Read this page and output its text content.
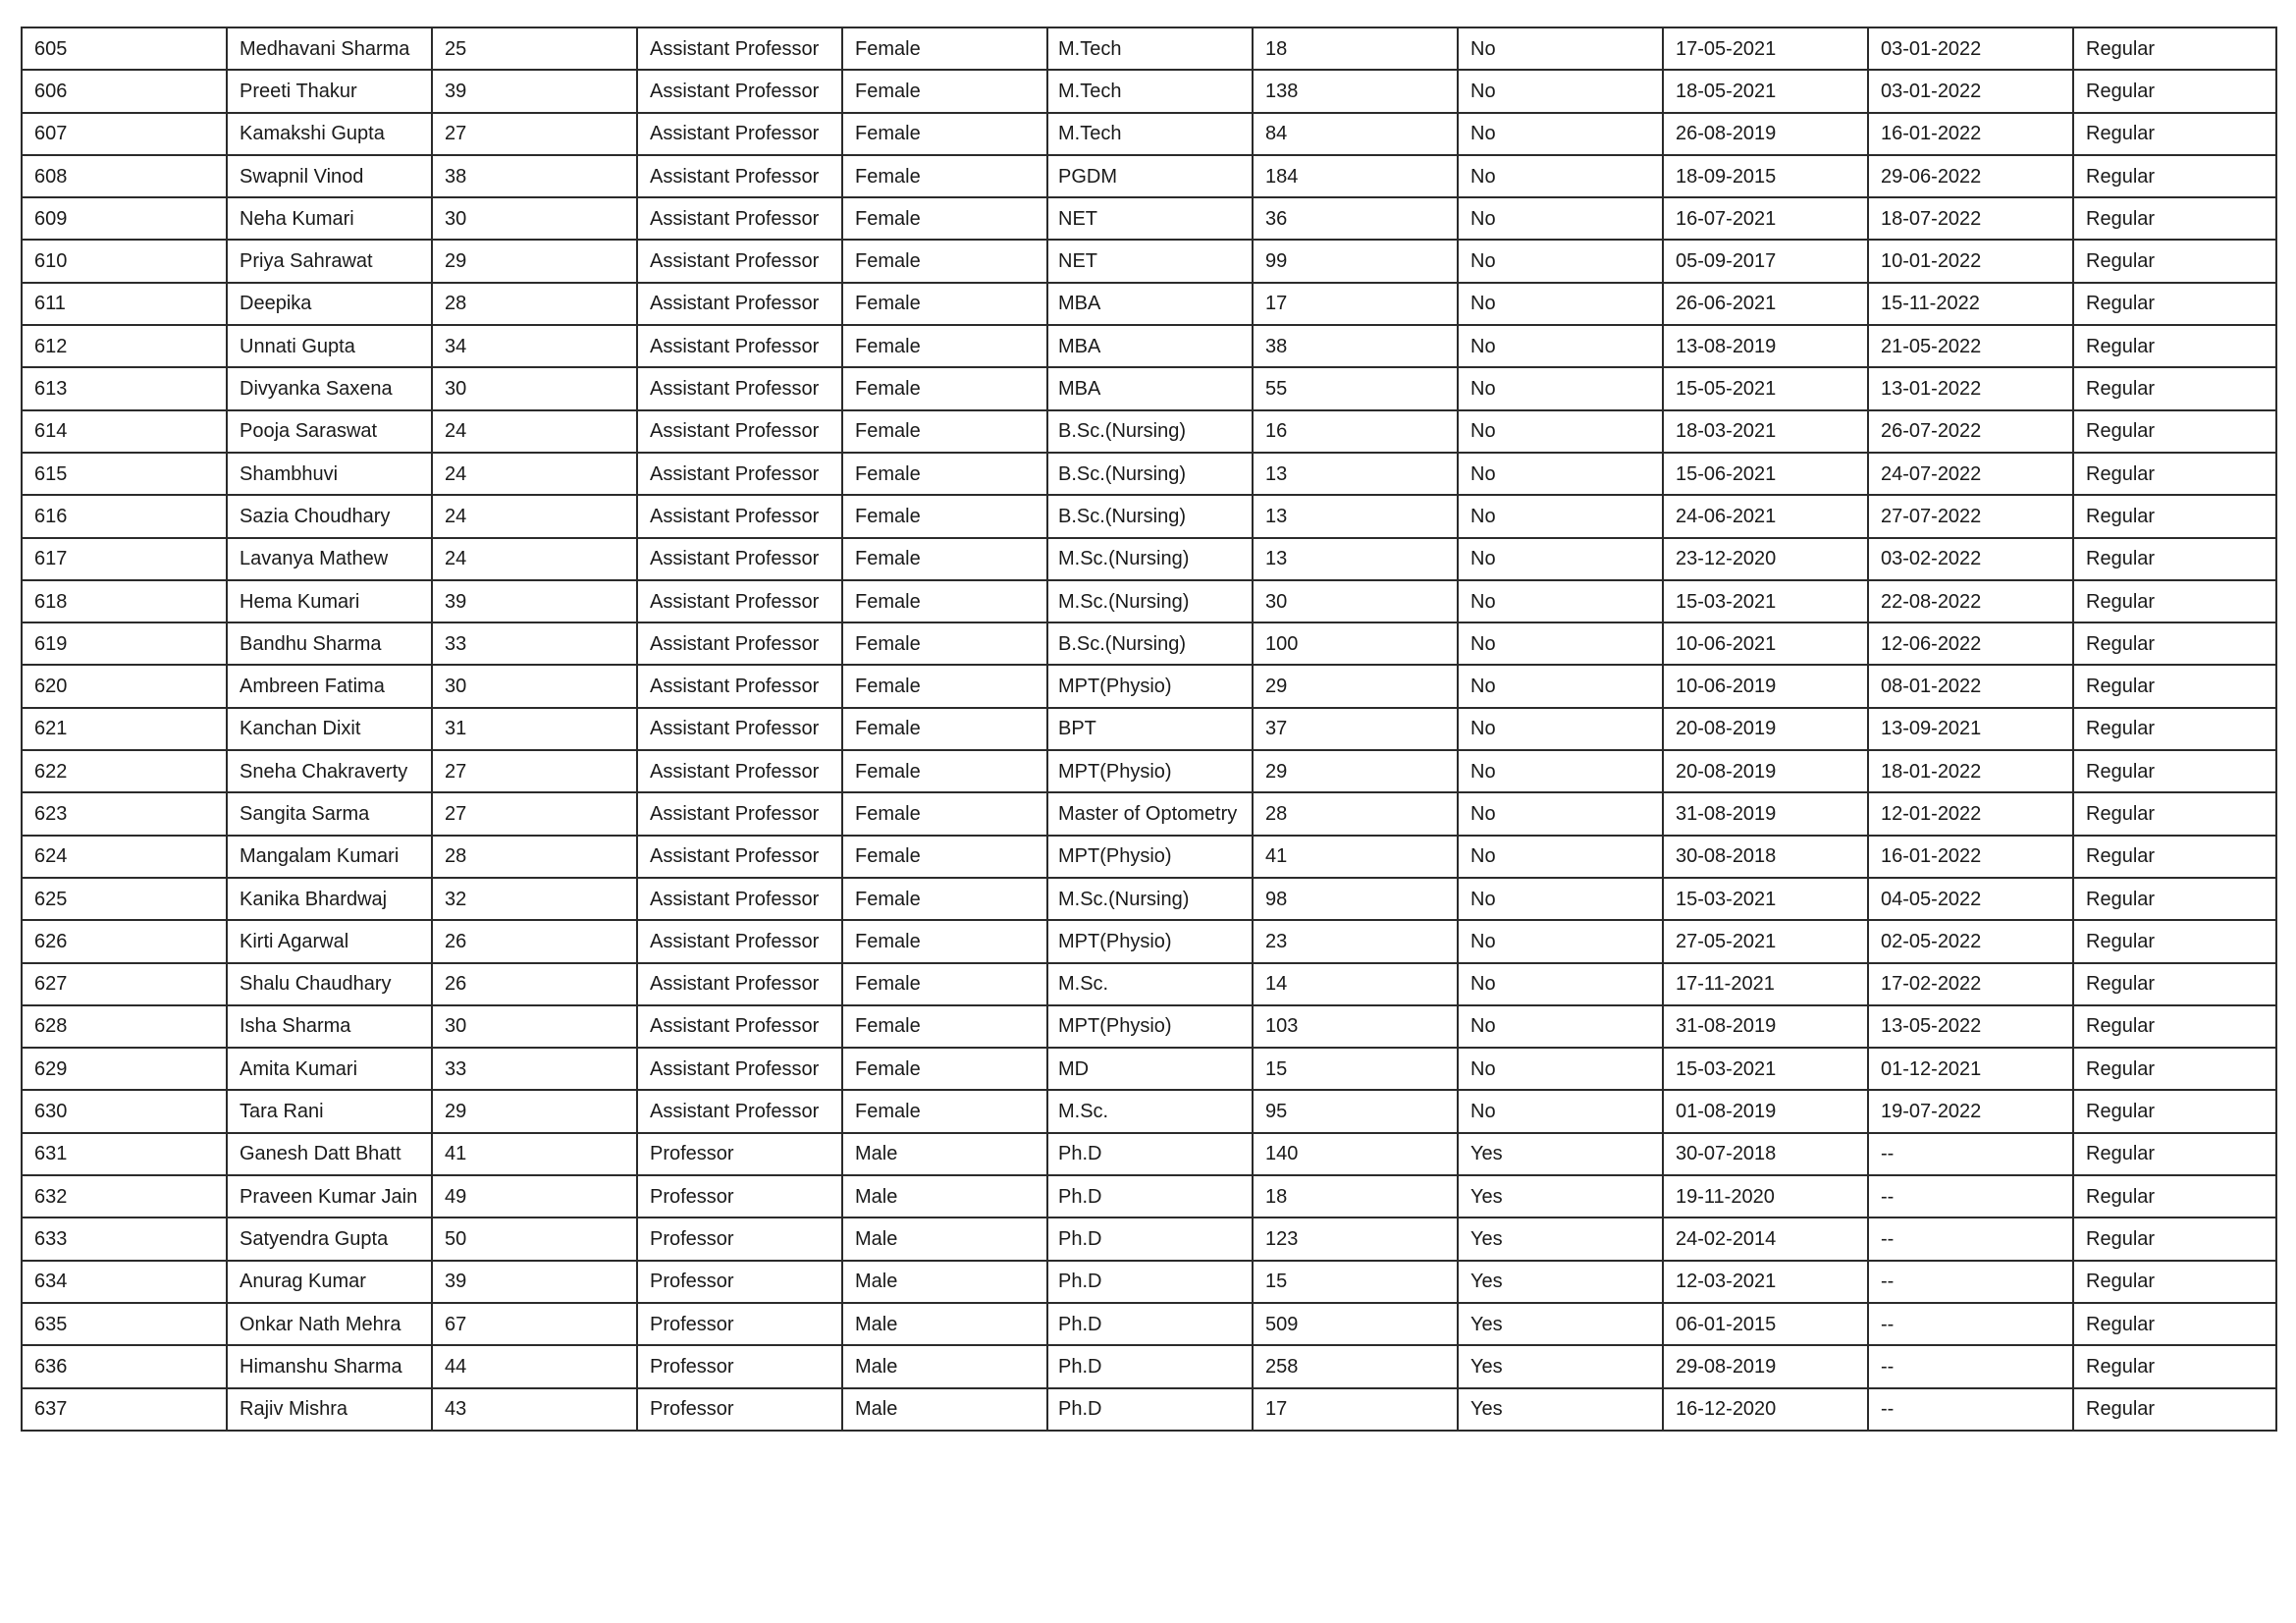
605	Medhavani Sharma	25	Assistant Professor	Female	M.Tech	18	No	17-05-2021	03-01-2022	Regular
606	Preeti Thakur	39	Assistant Professor	Female	M.Tech	138	No	18-05-2021	03-01-2022	Regular
607	Kamakshi Gupta	27	Assistant Professor	Female	M.Tech	84	No	26-08-2019	16-01-2022	Regular
608	Swapnil Vinod	38	Assistant Professor	Female	PGDM	184	No	18-09-2015	29-06-2022	Regular
609	Neha Kumari	30	Assistant Professor	Female	NET	36	No	16-07-2021	18-07-2022	Regular
610	Priya Sahrawat	29	Assistant Professor	Female	NET	99	No	05-09-2017	10-01-2022	Regular
611	Deepika	28	Assistant Professor	Female	MBA	17	No	26-06-2021	15-11-2022	Regular
612	Unnati Gupta	34	Assistant Professor	Female	MBA	38	No	13-08-2019	21-05-2022	Regular
613	Divyanka Saxena	30	Assistant Professor	Female	MBA	55	No	15-05-2021	13-01-2022	Regular
614	Pooja Saraswat	24	Assistant Professor	Female	B.Sc.(Nursing)	16	No	18-03-2021	26-07-2022	Regular
615	Shambhuvi	24	Assistant Professor	Female	B.Sc.(Nursing)	13	No	15-06-2021	24-07-2022	Regular
616	Sazia Choudhary	24	Assistant Professor	Female	B.Sc.(Nursing)	13	No	24-06-2021	27-07-2022	Regular
617	Lavanya Mathew	24	Assistant Professor	Female	M.Sc.(Nursing)	13	No	23-12-2020	03-02-2022	Regular
618	Hema Kumari	39	Assistant Professor	Female	M.Sc.(Nursing)	30	No	15-03-2021	22-08-2022	Regular
619	Bandhu Sharma	33	Assistant Professor	Female	B.Sc.(Nursing)	100	No	10-06-2021	12-06-2022	Regular
620	Ambreen Fatima	30	Assistant Professor	Female	MPT(Physio)	29	No	10-06-2019	08-01-2022	Regular
621	Kanchan Dixit	31	Assistant Professor	Female	BPT	37	No	20-08-2019	13-09-2021	Regular
622	Sneha Chakraverty	27	Assistant Professor	Female	MPT(Physio)	29	No	20-08-2019	18-01-2022	Regular
623	Sangita Sarma	27	Assistant Professor	Female	Master of Optometry	28	No	31-08-2019	12-01-2022	Regular
624	Mangalam Kumari	28	Assistant Professor	Female	MPT(Physio)	41	No	30-08-2018	16-01-2022	Regular
625	Kanika Bhardwaj	32	Assistant Professor	Female	M.Sc.(Nursing)	98	No	15-03-2021	04-05-2022	Regular
626	Kirti Agarwal	26	Assistant Professor	Female	MPT(Physio)	23	No	27-05-2021	02-05-2022	Regular
627	Shalu Chaudhary	26	Assistant Professor	Female	M.Sc.	14	No	17-11-2021	17-02-2022	Regular
628	Isha Sharma	30	Assistant Professor	Female	MPT(Physio)	103	No	31-08-2019	13-05-2022	Regular
629	Amita Kumari	33	Assistant Professor	Female	MD	15	No	15-03-2021	01-12-2021	Regular
630	Tara Rani	29	Assistant Professor	Female	M.Sc.	95	No	01-08-2019	19-07-2022	Regular
631	Ganesh Datt Bhatt	41	Professor	Male	Ph.D	140	Yes	30-07-2018	--	Regular
632	Praveen Kumar Jain	49	Professor	Male	Ph.D	18	Yes	19-11-2020	--	Regular
633	Satyendra Gupta	50	Professor	Male	Ph.D	123	Yes	24-02-2014	--	Regular
634	Anurag Kumar	39	Professor	Male	Ph.D	15	Yes	12-03-2021	--	Regular
635	Onkar Nath Mehra	67	Professor	Male	Ph.D	509	Yes	06-01-2015	--	Regular
636	Himanshu Sharma	44	Professor	Male	Ph.D	258	Yes	29-08-2019	--	Regular
637	Rajiv Mishra	43	Professor	Male	Ph.D	17	Yes	16-12-2020	--	Regular
